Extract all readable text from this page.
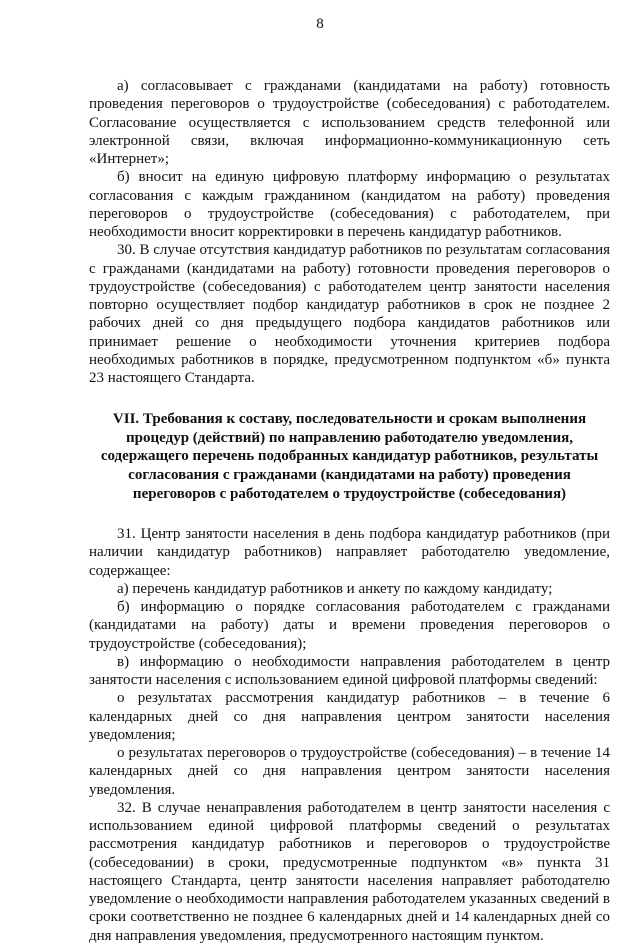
8

а) согласовывает с гражданами (кандидатами на работу) готовность проведения переговоров о трудоустройстве (собеседования) с работодателем. Согласование осуществляется с использованием средств телефонной или электронной связи, включая информационно-коммуникационную сеть «Интернет»;

б) вносит на единую цифровую платформу информацию о результатах согласования с каждым гражданином (кандидатом на работу) проведения переговоров о трудоустройстве (собеседования) с работодателем, при необходимости вносит корректировки в перечень кандидатур работников.

30. В случае отсутствия кандидатур работников по результатам согласования с гражданами (кандидатами на работу) готовности проведения переговоров о трудоустройстве (собеседования) с работодателем центр занятости населения повторно осуществляет подбор кандидатур работников в срок не позднее 2 рабочих дней со дня предыдущего подбора кандидатов работников или принимает решение о необходимости уточнения критериев подбора необходимых работников в порядке, предусмотренном подпунктом «б» пункта 23 настоящего Стандарта.

VII. Требования к составу, последовательности и срокам выполнения процедур (действий) по направлению работодателю уведомления, содержащего перечень подобранных кандидатур работников, результаты согласования с гражданами (кандидатами на работу) проведения переговоров с работодателем о трудоустройстве (собеседования)

31. Центр занятости населения в день подбора кандидатур работников (при наличии кандидатур работников) направляет работодателю уведомление, содержащее:

а) перечень кандидатур работников и анкету по каждому кандидату;

б) информацию о порядке согласования работодателем с гражданами (кандидатами на работу) даты и времени проведения переговоров о трудоустройстве (собеседования);

в) информацию о необходимости направления работодателем в центр занятости населения с использованием единой цифровой платформы сведений:

о результатах рассмотрения кандидатур работников – в течение 6 календарных дней со дня направления центром занятости населения уведомления;

о результатах переговоров о трудоустройстве (собеседования) – в течение 14 календарных дней со дня направления центром занятости населения уведомления.

32. В случае ненаправления работодателем в центр занятости населения с использованием единой цифровой платформы сведений о результатах рассмотрения кандидатур работников и переговоров о трудоустройстве (собеседовании) в сроки, предусмотренные подпунктом «в» пункта 31 настоящего Стандарта, центр занятости населения направляет работодателю уведомление о необходимости направления работодателем указанных сведений в сроки соответственно не позднее 6 календарных дней и 14 календарных дней со дня направления уведомления, предусмотренного настоящим пунктом.
